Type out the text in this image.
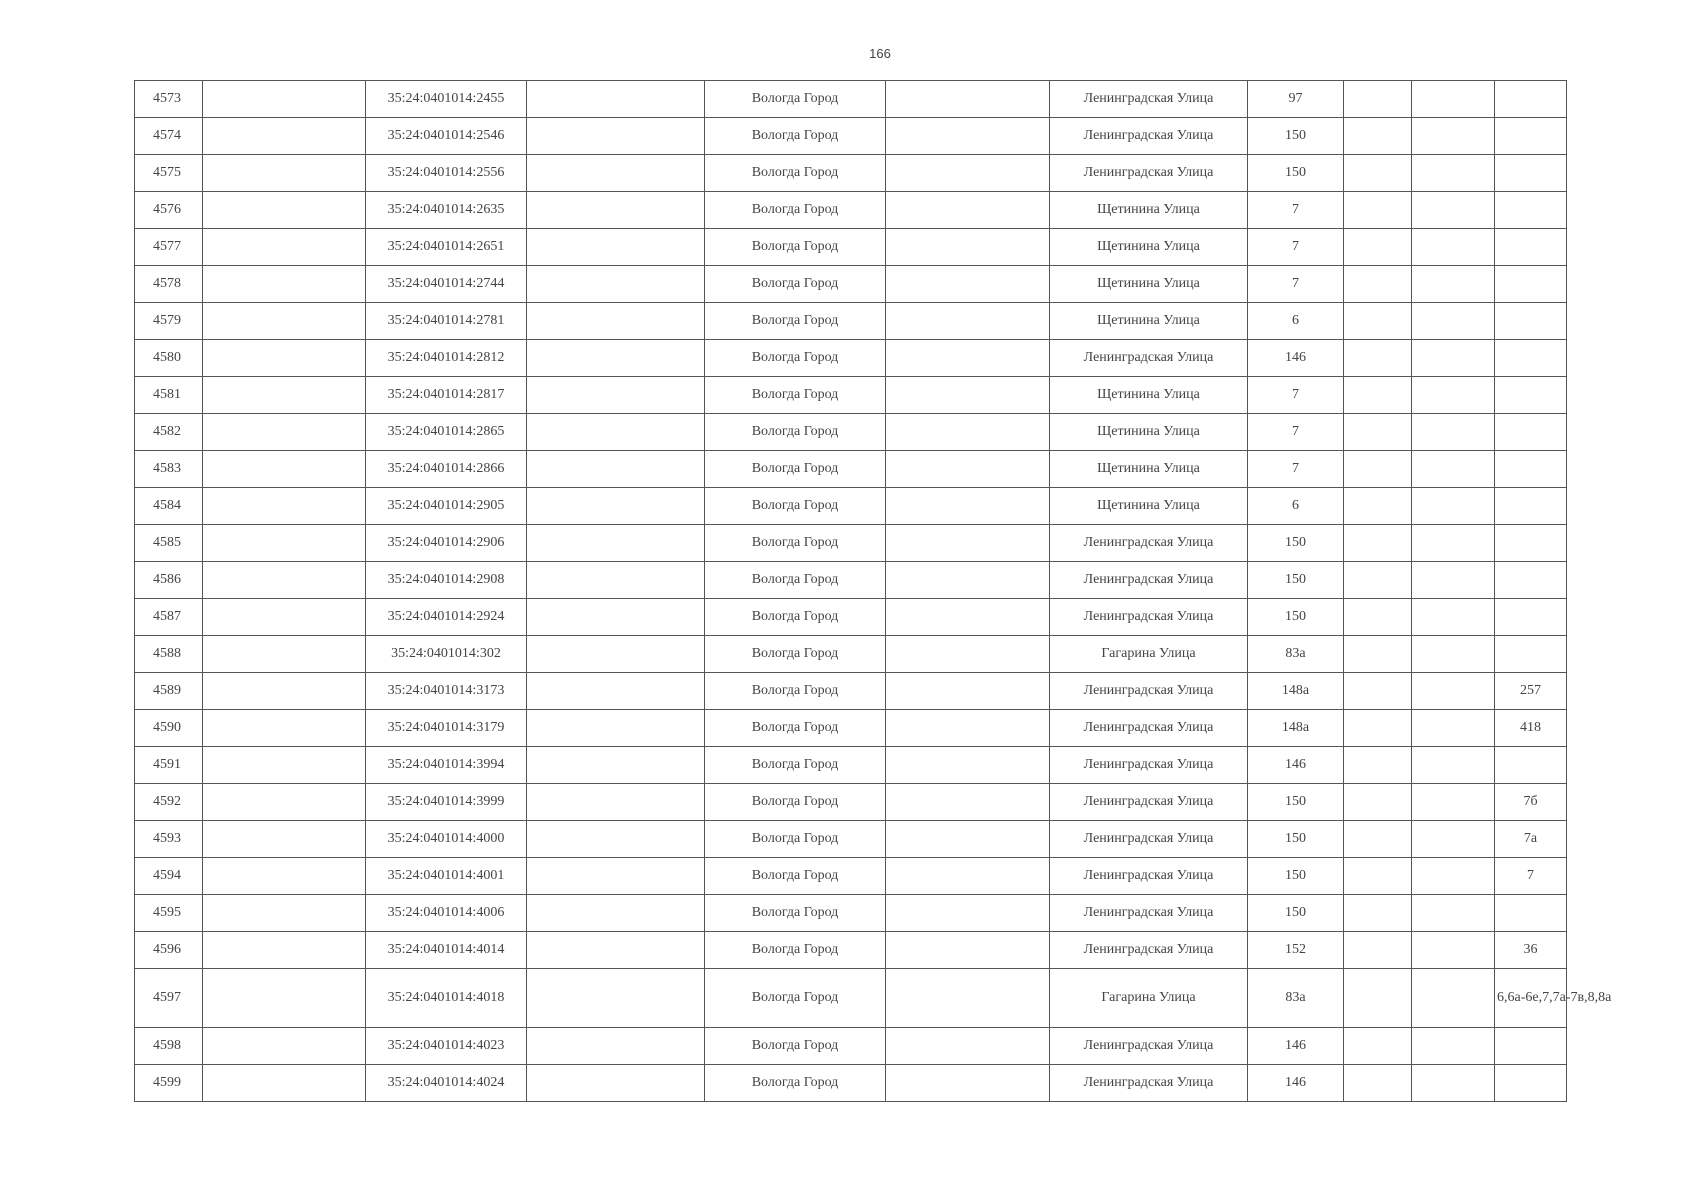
166
4573		35:24:0401014:2455		Вологда Город		Ленинградская Улица	97			
4574		35:24:0401014:2546		Вологда Город		Ленинградская Улица	150			
4575		35:24:0401014:2556		Вологда Город		Ленинградская Улица	150			
4576		35:24:0401014:2635		Вологда Город		Щетинина Улица	7			
4577		35:24:0401014:2651		Вологда Город		Щетинина Улица	7			
4578		35:24:0401014:2744		Вологда Город		Щетинина Улица	7			
4579		35:24:0401014:2781		Вологда Город		Щетинина Улица	6			
4580		35:24:0401014:2812		Вологда Город		Ленинградская Улица	146			
4581		35:24:0401014:2817		Вологда Город		Щетинина Улица	7			
4582		35:24:0401014:2865		Вологда Город		Щетинина Улица	7			
4583		35:24:0401014:2866		Вологда Город		Щетинина Улица	7			
4584		35:24:0401014:2905		Вологда Город		Щетинина Улица	6			
4585		35:24:0401014:2906		Вологда Город		Ленинградская Улица	150			
4586		35:24:0401014:2908		Вологда Город		Ленинградская Улица	150			
4587		35:24:0401014:2924		Вологда Город		Ленинградская Улица	150			
4588		35:24:0401014:302		Вологда Город		Гагарина Улица	83а			
4589		35:24:0401014:3173		Вологда Город		Ленинградская Улица	148а			257
4590		35:24:0401014:3179		Вологда Город		Ленинградская Улица	148а			418
4591		35:24:0401014:3994		Вологда Город		Ленинградская Улица	146			
4592		35:24:0401014:3999		Вологда Город		Ленинградская Улица	150			7б
4593		35:24:0401014:4000		Вологда Город		Ленинградская Улица	150			7а
4594		35:24:0401014:4001		Вологда Город		Ленинградская Улица	150			7
4595		35:24:0401014:4006		Вологда Город		Ленинградская Улица	150			
4596		35:24:0401014:4014		Вологда Город		Ленинградская Улица	152			36
4597		35:24:0401014:4018		Вологда Город		Гагарина Улица	83а			6,6а-6е,7,7а-7в,8,8а
4598		35:24:0401014:4023		Вологда Город		Ленинградская Улица	146			
4599		35:24:0401014:4024		Вологда Город		Ленинградская Улица	146			
